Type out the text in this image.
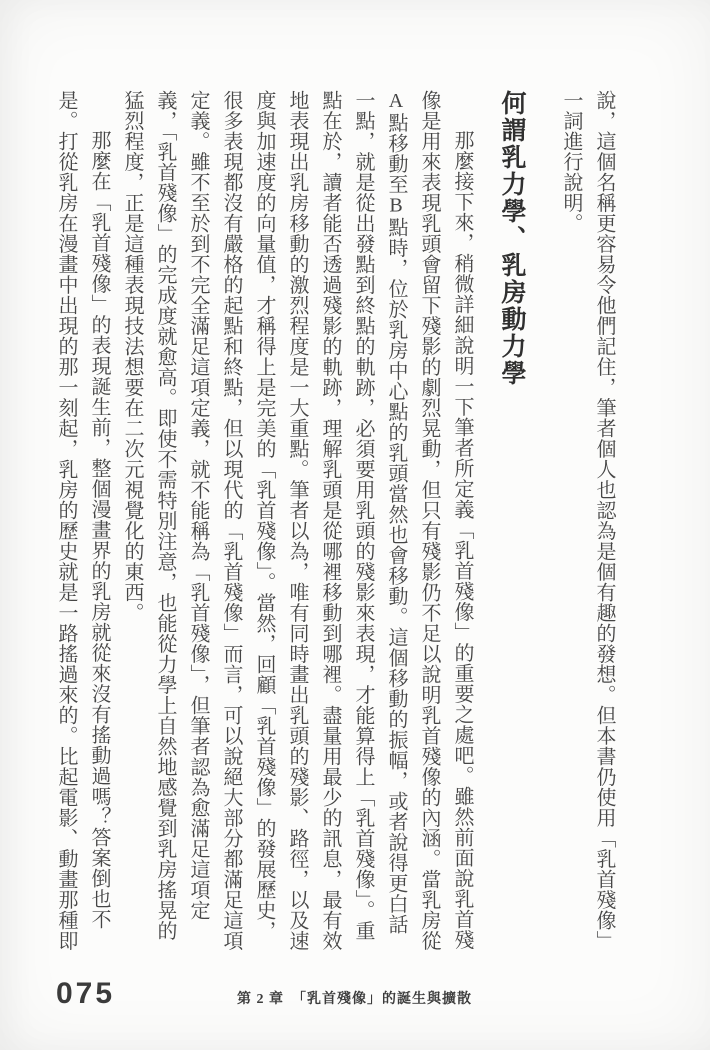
說，這個名稱更容易令他們記住，筆者個人也認為是個有趣的發想。但本書仍使用「乳首殘像」一詞進行說明。

何謂乳力學、乳房動力學

那麼接下來，稍微詳細說明一下筆者所定義「乳首殘像」的重要之處吧。雖然前面說乳首殘像是用來表現乳頭會留下殘影的劇烈晃動，但只有殘影仍不足以說明乳首殘像的內涵。當乳房從A點移動至B點時，位於乳房中心點的乳頭當然也會移動。這個移動的振幅，或者說得更白話一點，就是從出發點到終點的軌跡，必須要用乳頭的殘影來表現，才能算得上「乳首殘像」。重點在於，讀者能否透過殘影的軌跡，理解乳頭是從哪裡移動到哪裡。盡量用最少的訊息，最有效地表現出乳房移動的激烈程度是一大重點。筆者以為，唯有同時畫出乳頭的殘影、路徑，以及速度與加速度的向量值，才稱得上是完美的「乳首殘像」。當然，回顧「乳首殘像」的發展歷史，很多表現都沒有嚴格的起點和終點，但以現代的「乳首殘像」而言，可以說絕大部分都滿足這項定義。雖不至於到不完全滿足這項定義，就不能稱為「乳首殘像」，但筆者認為愈滿足這項定義，「乳首殘像」的完成度就愈高。即使不需特別注意，也能從力學上自然地感覺到乳房搖晃的猛烈程度，正是這種表現技法想要在二次元視覺化的東西。

那麼在「乳首殘像」的表現誕生前，整個漫畫界的乳房就從來沒有搖動過嗎？答案倒也不是。打從乳房在漫畫中出現的那一刻起，乳房的歷史就是一路搖過來的。比起電影、動畫那種即

075	第 2 章　「乳首殘像」的誕生與擴散
